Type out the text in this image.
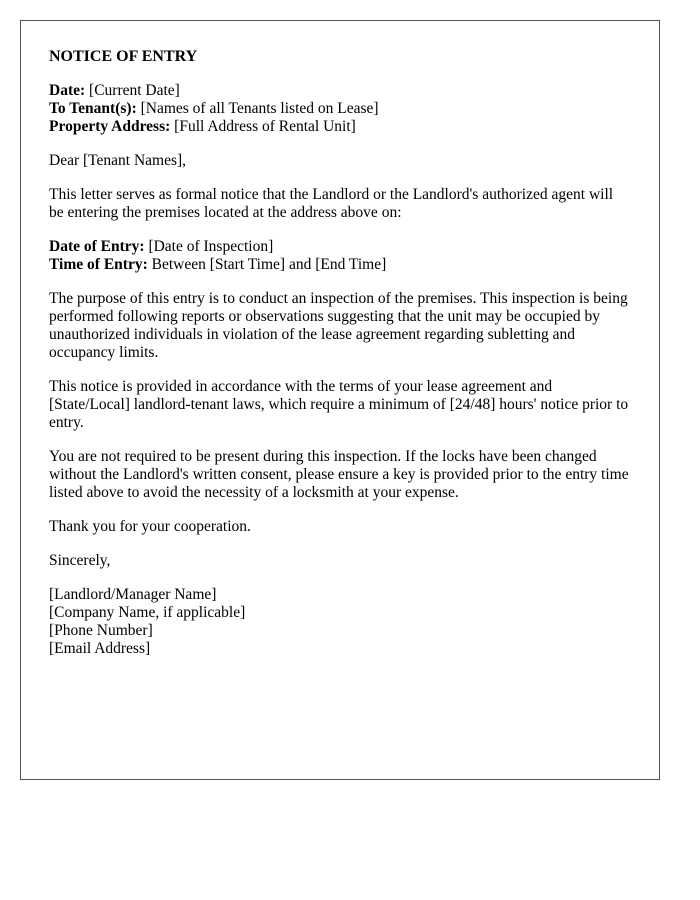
NOTICE OF ENTRY
Date: [Current Date]
To Tenant(s): [Names of all Tenants listed on Lease]
Property Address: [Full Address of Rental Unit]

Dear [Tenant Names],

This letter serves as formal notice that the Landlord or the Landlord's authorized agent will be entering the premises located at the address above on:

Date of Entry: [Date of Inspection]
Time of Entry: Between [Start Time] and [End Time]

The purpose of this entry is to conduct an inspection of the premises. This inspection is being performed following reports or observations suggesting that the unit may be occupied by unauthorized individuals in violation of the lease agreement regarding subletting and occupancy limits.

This notice is provided in accordance with the terms of your lease agreement and [State/Local] landlord-tenant laws, which require a minimum of [24/48] hours' notice prior to entry.

You are not required to be present during this inspection. If the locks have been changed without the Landlord's written consent, please ensure a key is provided prior to the entry time listed above to avoid the necessity of a locksmith at your expense.

Thank you for your cooperation.

Sincerely,

[Landlord/Manager Name]
[Company Name, if applicable]
[Phone Number]
[Email Address]
